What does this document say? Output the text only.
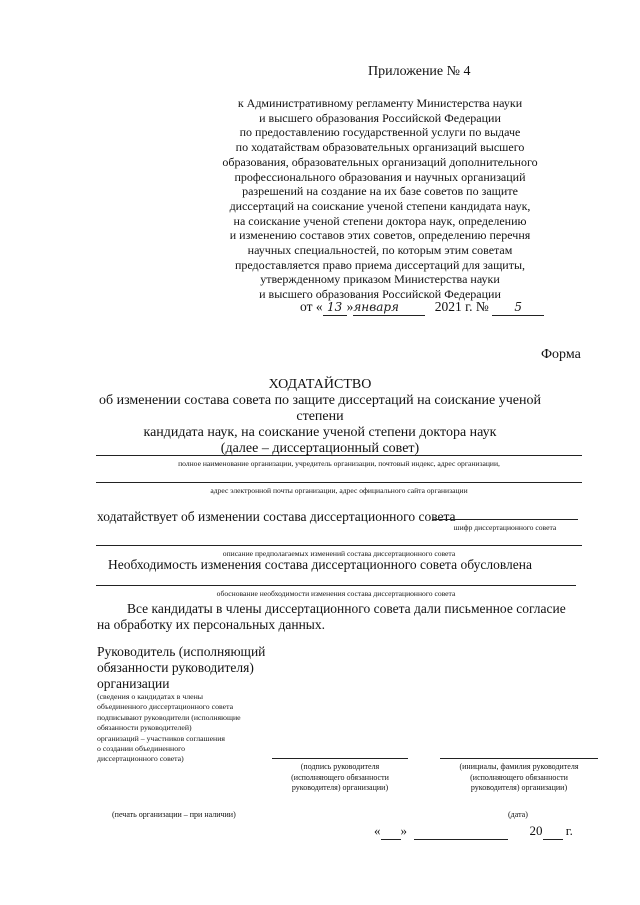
Приложение № 4
к Административному регламенту Министерства науки
и высшего образования Российской Федерации
по предоставлению государственной услуги по выдаче
по ходатайствам образовательных организаций высшего
образования, образовательных организаций дополнительного
профессионального образования и научных организаций
разрешений на создание на их базе советов по защите
диссертаций на соискание ученой степени кандидата наук,
на соискание ученой степени доктора наук, определению
и изменению составов этих советов, определению перечня
научных специальностей, по которым этим советам
предоставляется право приема диссертаций для защиты,
утвержденному приказом Министерства науки
и высшего образования Российской Федерации
от « 13 »января	2021 г. № 5
Форма
ХОДАТАЙСТВО
об изменении состава совета по защите диссертаций на соискание ученой степени
кандидата наук, на соискание ученой степени доктора наук
(далее – диссертационный совет)
полное наименование организации, учредитель организации, почтовый индекс, адрес организации,
адрес электронной почты организации, адрес официального сайта организации
ходатайствует об изменении состава диссертационного совета
шифр диссертационного совета
описание предполагаемых изменений состава диссертационного совета
Необходимость изменения состава диссертационного совета обусловлена
обоснование необходимости изменения состава диссертационного совета
Все кандидаты в члены диссертационного совета дали письменное согласие
на обработку их персональных данных.
Руководитель (исполняющий
обязанности руководителя)
организации
(сведения о кандидатах в члены
объединенного диссертационного совета
подписывают руководители (исполняющие
обязанности руководителей)
организаций – участников соглашения
о создании объединенного
диссертационного совета)
(подпись руководителя
(исполняющего обязанности
руководителя) организации)
(инициалы, фамилия руководителя
(исполняющего обязанности
руководителя) организации)
(печать организации – при наличии)	(дата)
« »	20 г.
